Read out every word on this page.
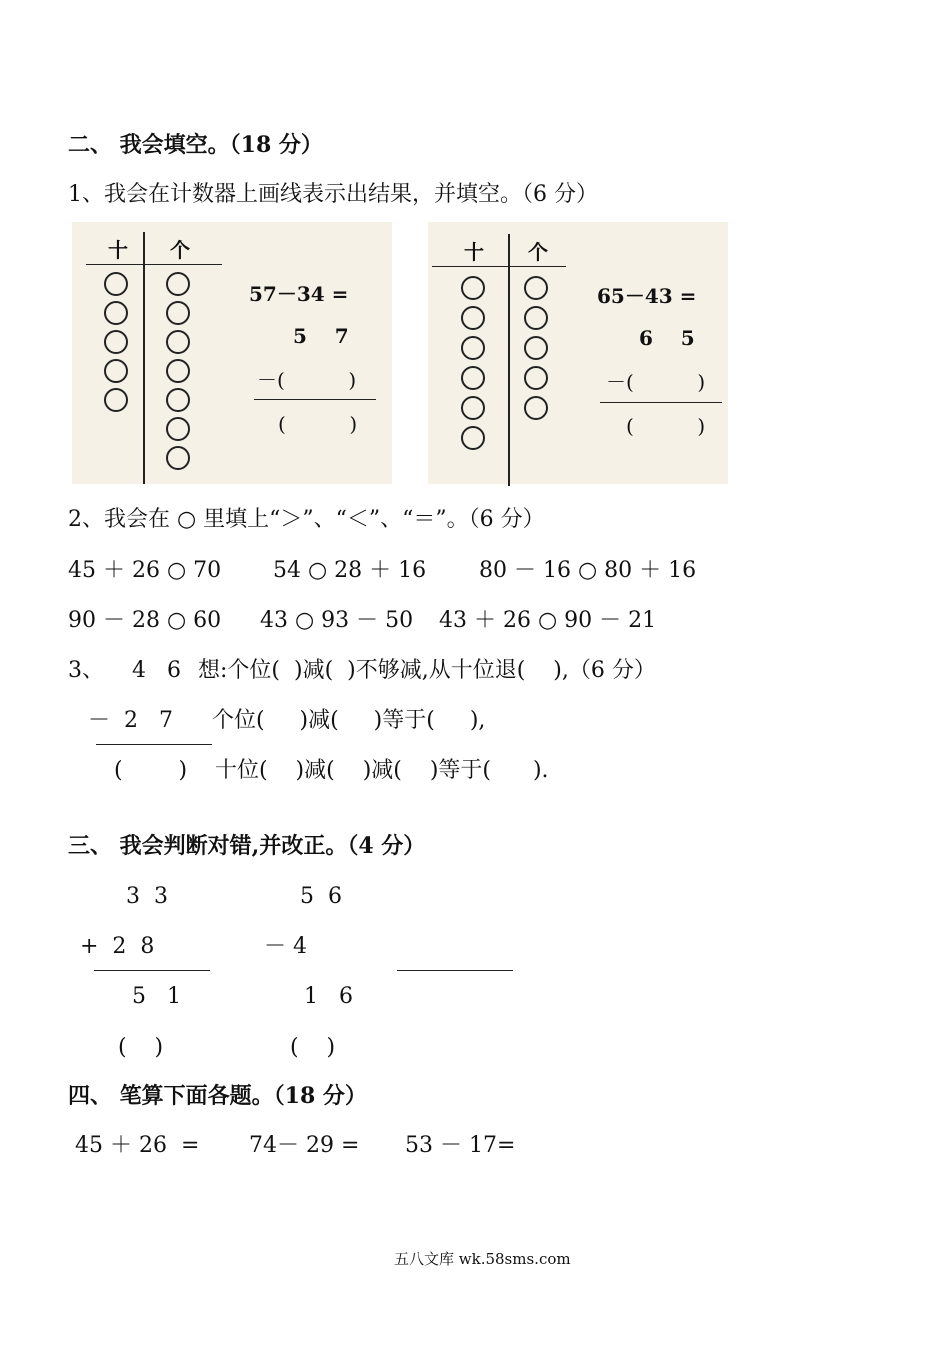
二、 我会填空。（18 分）
1、我会在计数器上画线表示出结果，并填空。（6 分）
十 个
57－34 =
5    7
－(          )
(          )
十 个
65－43 =
6    5
－(          )
(          )
2、我会在 ○ 里填上“＞”、“＜”、“＝”。（6 分）
45 ＋ 26 ○ 70 54 ○ 28 ＋ 16 80 － 16 ○ 80 ＋ 16
90 － 28 ○ 60 43 ○ 93 － 50 43 ＋ 26 ○ 90 － 21
3、 4   6 想:个位(  )减(  )不够减,从十位退(    ),（6 分）
－  2   7 个位(     )减(     )等于(     ),
(        ) 十位(    )减(    )减(    )等于(      ).
三、 我会判断对错,并改正。（4 分）
3  3
+  2  8
5   1
(    )
5  6
－ 4
1   6
(    )
四、 笔算下面各题。（18 分）
45 ＋ 26  = 74－ 29 = 53 － 17=
五八文库 wk.58sms.com
